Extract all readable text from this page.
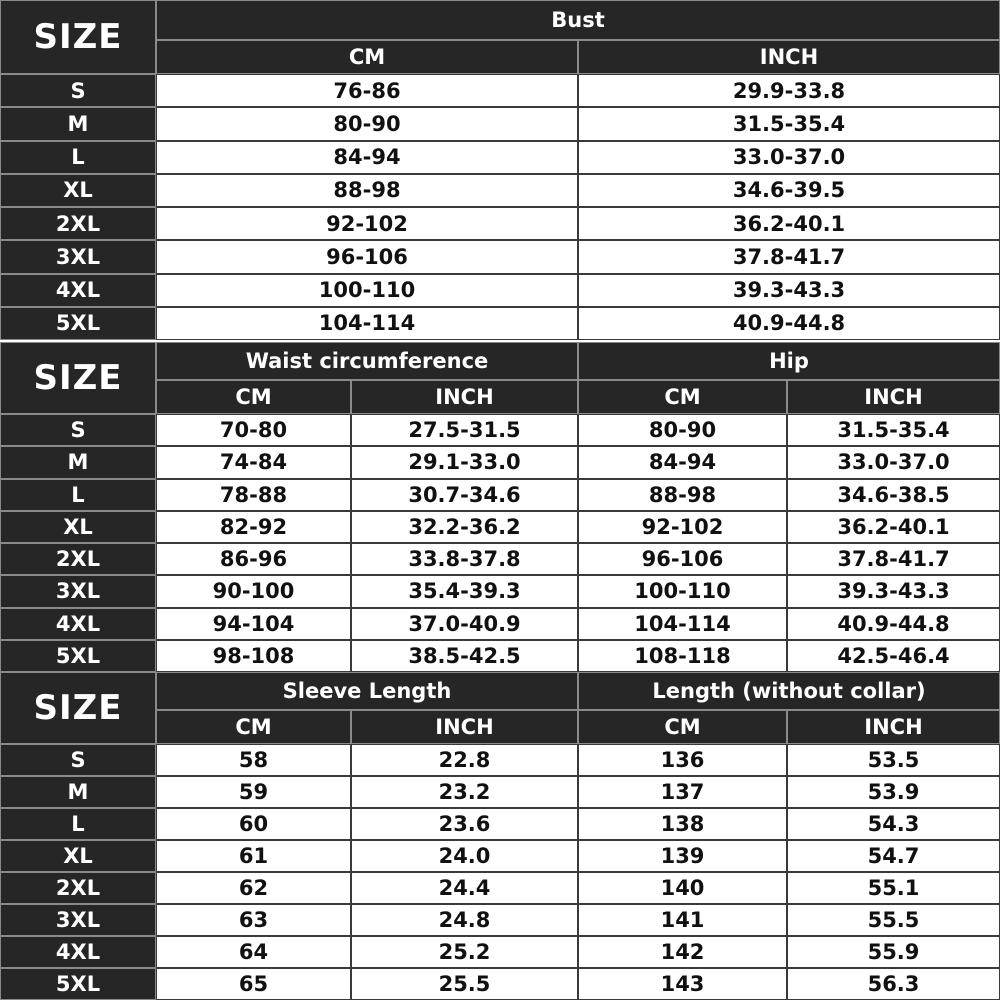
SIZE	Bust
CM	INCH
S	76-86	29.9-33.8
M	80-90	31.5-35.4
L	84-94	33.0-37.0
XL	88-98	34.6-39.5
2XL	92-102	36.2-40.1
3XL	96-106	37.8-41.7
4XL	100-110	39.3-43.3
5XL	104-114	40.9-44.8
SIZE	Waist circumference	Hip
CM	INCH	CM	INCH
S	70-80	27.5-31.5	80-90	31.5-35.4
M	74-84	29.1-33.0	84-94	33.0-37.0
L	78-88	30.7-34.6	88-98	34.6-38.5
XL	82-92	32.2-36.2	92-102	36.2-40.1
2XL	86-96	33.8-37.8	96-106	37.8-41.7
3XL	90-100	35.4-39.3	100-110	39.3-43.3
4XL	94-104	37.0-40.9	104-114	40.9-44.8
5XL	98-108	38.5-42.5	108-118	42.5-46.4
SIZE	Sleeve Length	Length (without collar)
CM	INCH	CM	INCH
S	58	22.8	136	53.5
M	59	23.2	137	53.9
L	60	23.6	138	54.3
XL	61	24.0	139	54.7
2XL	62	24.4	140	55.1
3XL	63	24.8	141	55.5
4XL	64	25.2	142	55.9
5XL	65	25.5	143	56.3
